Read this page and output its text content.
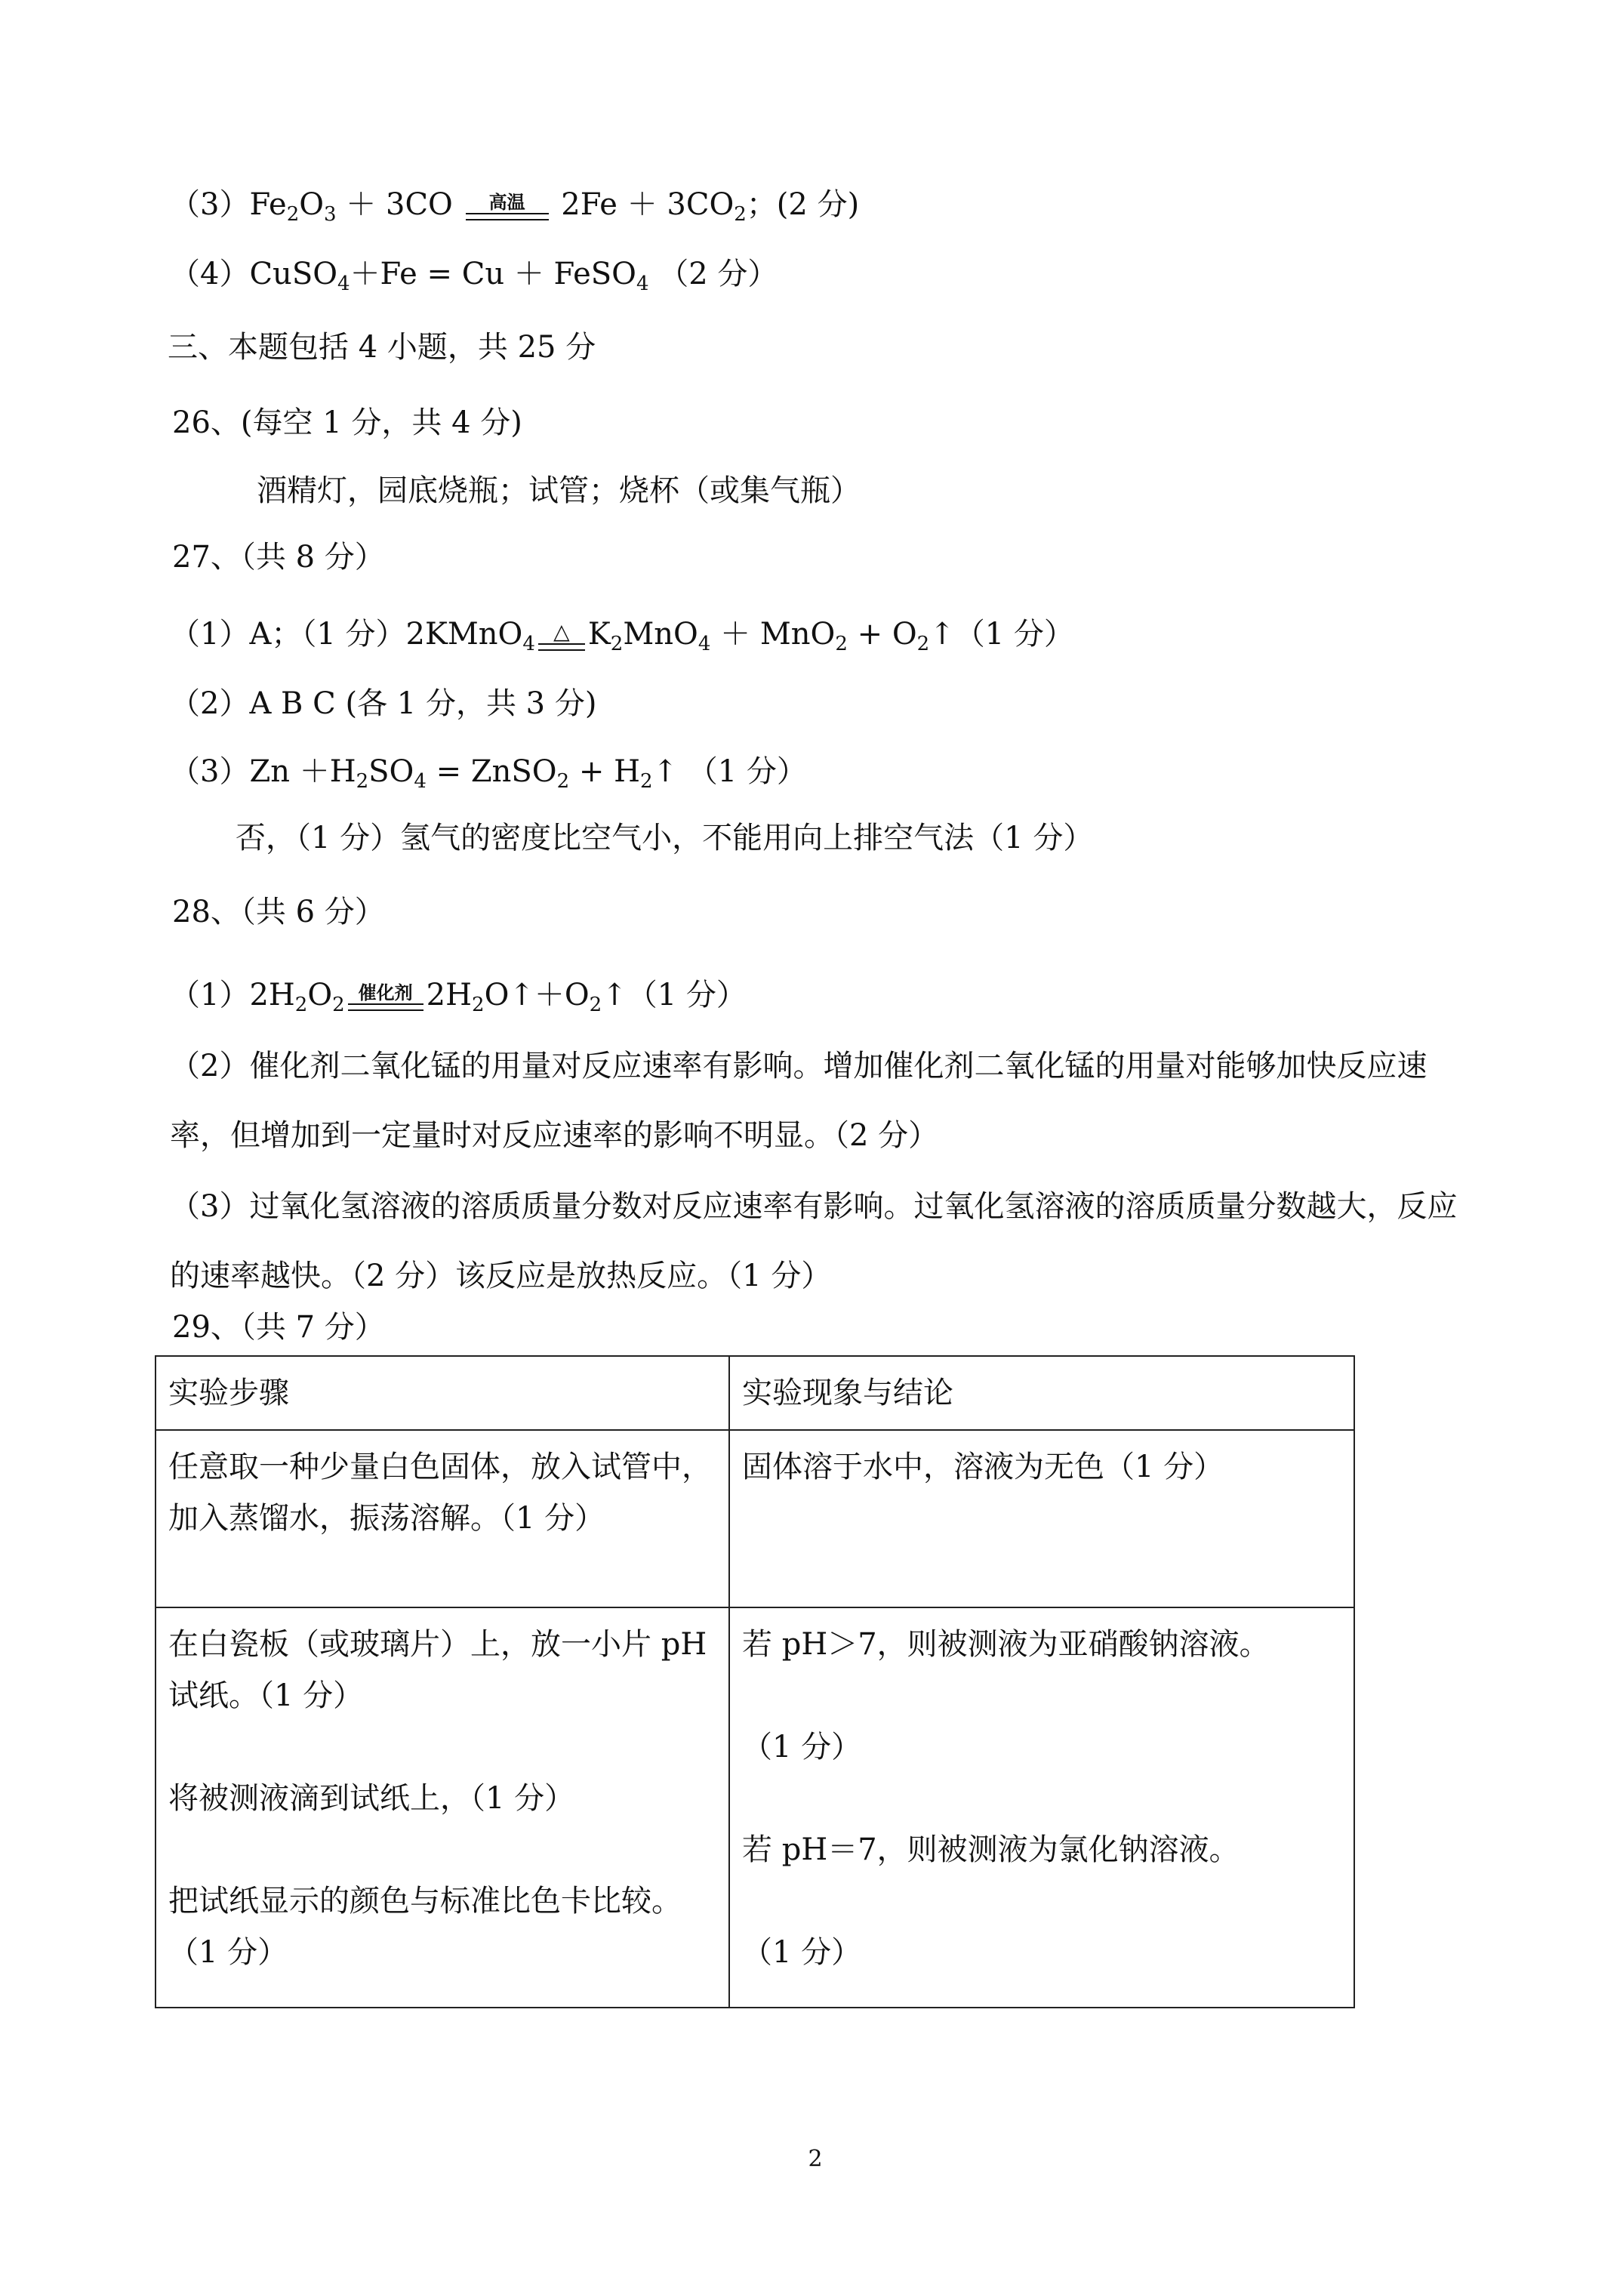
$(3)Fe_2O_3 + 3CO$	高温 $2Fe + 3CO_2$；(2 分)
（4）CuSO$_4$＋Fe = Cu ＋ FeSO$_4$ （2 分）
三、本题包括 4 小题，共 25 分
26、(每空 1 分，共 4 分)
酒精灯，园底烧瓶；试管；烧杯（或集气瓶）
27、（共 8 分）
（1）A；（1 分）2KMnO$_4$ △ $K_2MnO_4 + MnO_2$ + $O_2↑(1$ 分）
（2）A B C (各 1 分，共 3 分)
$(3)Zn +H_2SO_4$ = ZnSO$_2$ + $H_2↑$ （1 分）
否，（1 分）氢气的密度比空气小，不能用向上排空气法（1 分）
28、（共 6 分）
$(1)2H_2O_2$
催化剂 $2H_2O↑+O_2↑(1$ 分）
（2）催化剂二氧化锰的用量对反应速率有影响。增加催化剂二氧化锰的用量对能够加快反应速率，但增加到一定量时对反应速率的影响不明显。（2 分）
（3）过氧化氢溶液的溶质质量分数对反应速率有影响。过氧化氢溶液的溶质质量分数越大，反应的速率越快。（2 分）该反应是放热反应。（1 分）
29、（共 7 分）
实验步骤	实验现象与结论

任意取一种少量白色固体，放入试管中，
加入蒸馏水，振荡溶解。（1 分）	固体溶于水中，溶液为无色（1 分）

在白瓷板（或玻璃片）上，放一小片 pH
试纸。（1 分）
将被测液滴到试纸上，（1 分）
把试纸显示的颜色与标准比色卡比较。
（1 分）	若 pH＞7，则被测液为亚硝酸钠溶液。
（1 分）
若 pH＝7，则被测液为氯化钠溶液。
（1 分）
2
